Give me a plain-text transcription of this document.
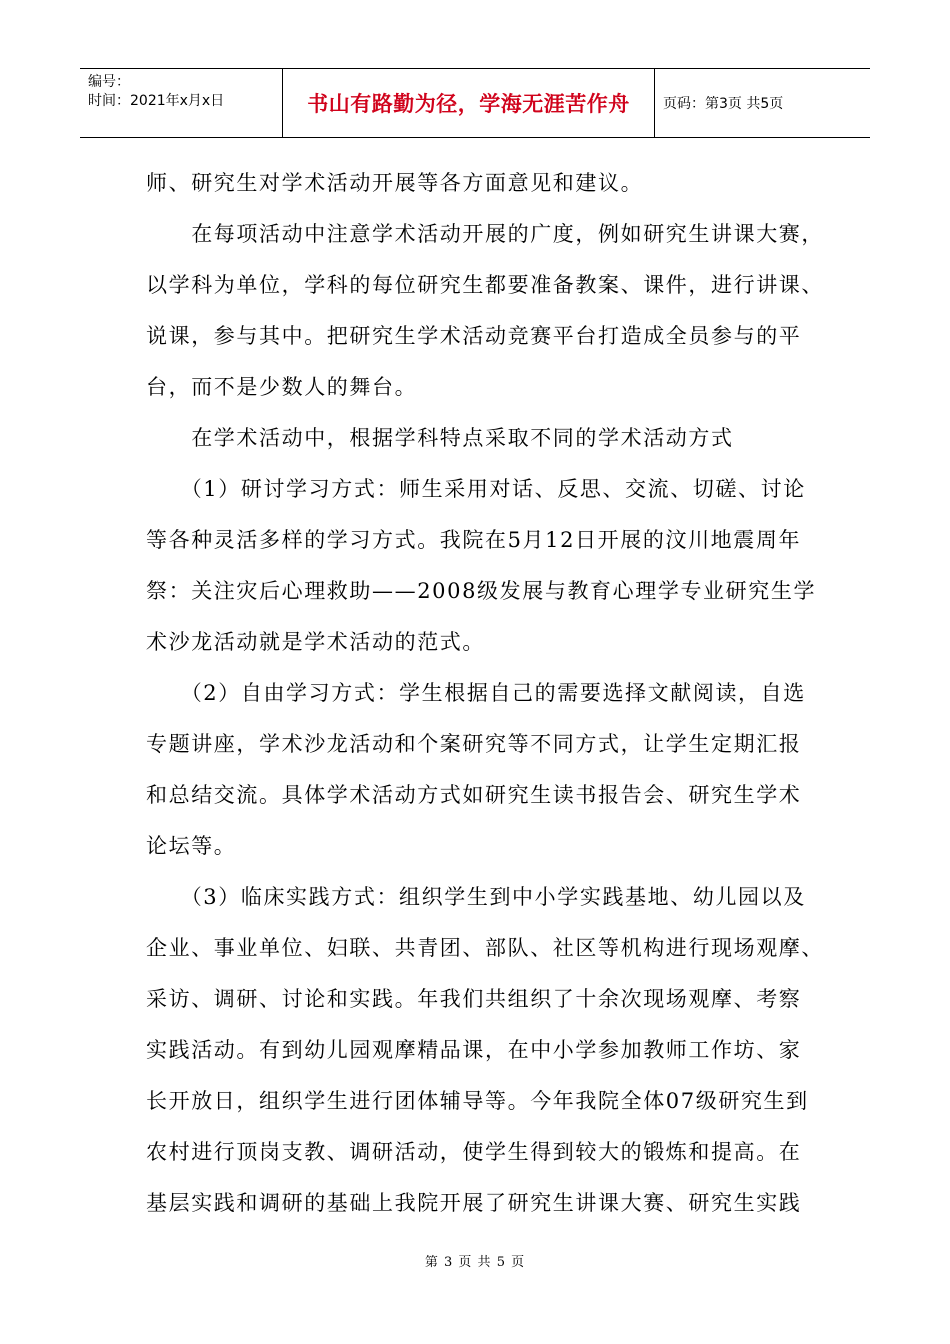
编号：
时间：2021年x月x日	书山有路勤为径，学海无涯苦作舟	页码：第3页 共5页

师、研究生对学术活动开展等各方面意见和建议。
　　在每项活动中注意学术活动开展的广度，例如研究生讲课大赛，
以学科为单位，学科的每位研究生都要准备教案、课件，进行讲课、
说课，参与其中。把研究生学术活动竞赛平台打造成全员参与的平
台，而不是少数人的舞台。
　　在学术活动中，根据学科特点采取不同的学术活动方式
　　（1）研讨学习方式：师生采用对话、反思、交流、切磋、讨论
等各种灵活多样的学习方式。我院在5月12日开展的汶川地震周年
祭：关注灾后心理救助——2008级发展与教育心理学专业研究生学
术沙龙活动就是学术活动的范式。
　　（2）自由学习方式：学生根据自己的需要选择文献阅读，自选
专题讲座，学术沙龙活动和个案研究等不同方式，让学生定期汇报
和总结交流。具体学术活动方式如研究生读书报告会、研究生学术
论坛等。
　　（3）临床实践方式：组织学生到中小学实践基地、幼儿园以及
企业、事业单位、妇联、共青团、部队、社区等机构进行现场观摩、
采访、调研、讨论和实践。年我们共组织了十余次现场观摩、考察
实践活动。有到幼儿园观摩精品课，在中小学参加教师工作坊、家
长开放日，组织学生进行团体辅导等。今年我院全体07级研究生到
农村进行顶岗支教、调研活动，使学生得到较大的锻炼和提高。在
基层实践和调研的基础上我院开展了研究生讲课大赛、研究生实践

第 3 页 共 5 页
